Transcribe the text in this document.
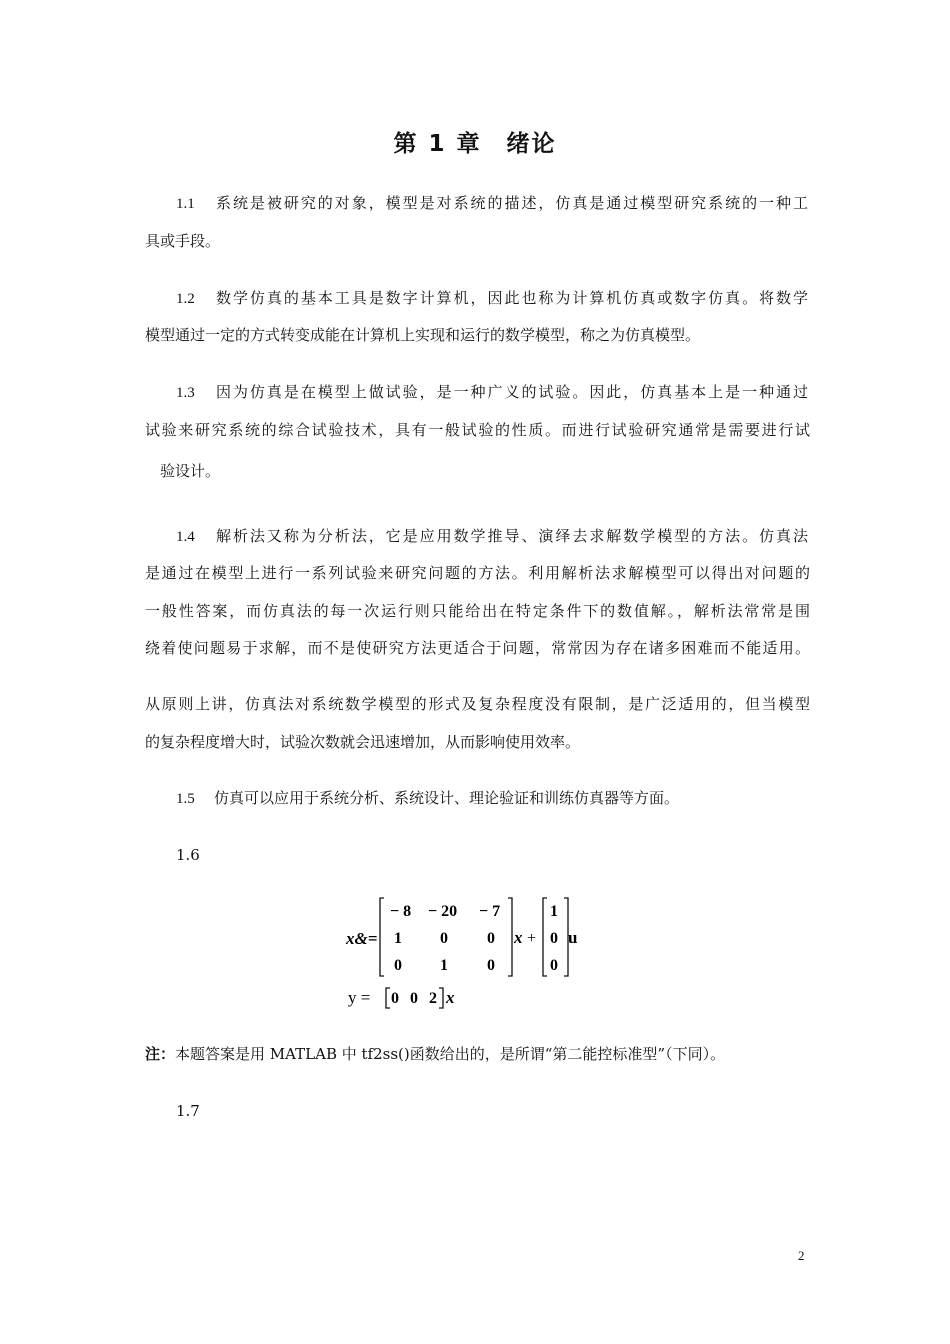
第 1 章　绪论
1.1 系统是被研究的对象，模型是对系统的描述，仿真是通过模型研究系统的一种工
具或手段。
1.2 数学仿真的基本工具是数字计算机，因此也称为计算机仿真或数字仿真。将数学
模型通过一定的方式转变成能在计算机上实现和运行的数学模型，称之为仿真模型。
1.3 因为仿真是在模型上做试验，是一种广义的试验。因此，仿真基本上是一种通过
试验来研究系统的综合试验技术，具有一般试验的性质。而进行试验研究通常是需要进行试
验设计。
1.4 解析法又称为分析法，它是应用数学推导、演绎去求解数学模型的方法。仿真法
是通过在模型上进行一系列试验来研究问题的方法。利用解析法求解模型可以得出对问题的
一般性答案，而仿真法的每一次运行则只能给出在特定条件下的数值解。，解析法常常是围
绕着使问题易于求解，而不是使研究方法更适合于问题，常常因为存在诸多困难而不能适用。
从原则上讲，仿真法对系统数学模型的形式及复杂程度没有限制，是广泛适用的，但当模型
的复杂程度增大时，试验次数就会迅速增加，从而影响使用效率。
1.5 仿真可以应用于系统分析、系统设计、理论验证和训练仿真器等方面。
1.6
x&=
− 8 − 20 − 7
1 0 0
0 1 0
x +
1
0
0
u
y = 0 0 2 x
注：本题答案是用 MATLAB 中 tf2ss()函数给出的，是所谓“第二能控标准型”（下同）。
1.7
2
